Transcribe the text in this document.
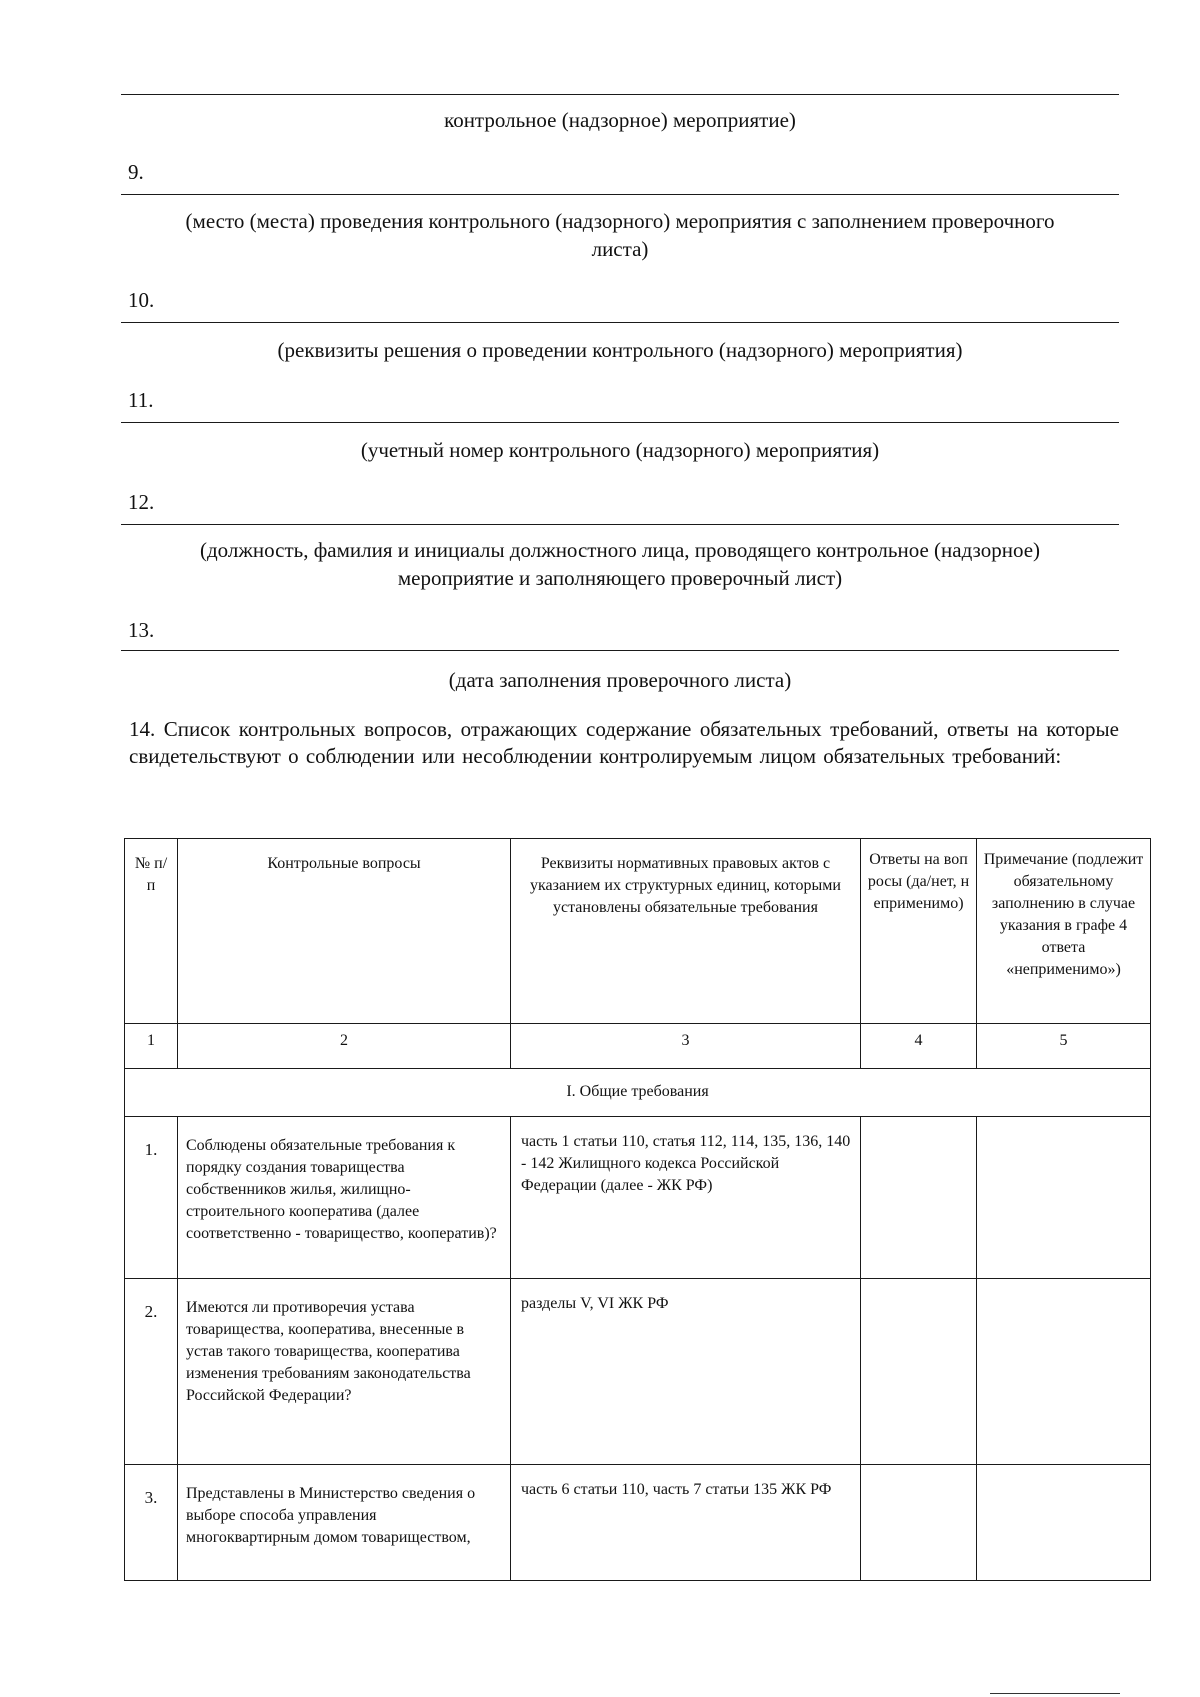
контрольное (надзорное) мероприятие)
9.
(место (места) проведения контрольного (надзорного) мероприятия с заполнением проверочного листа)
10.
(реквизиты решения о проведении контрольного (надзорного) мероприятия)
11.
(учетный номер контрольного (надзорного) мероприятия)
12.
(должность, фамилия и инициалы должностного лица, проводящего контрольное (надзорное) мероприятие и заполняющего проверочный лист)
13.
(дата заполнения проверочного листа)
14. Список контрольных вопросов, отражающих содержание обязательных требований, ответы на которые свидетельствуют о соблюдении или несоблюдении контролируемым лицом обязательных требований:
№ п/п	Контрольные вопросы	Реквизиты нормативных правовых актов с указанием их структурных единиц, которыми установлены обязательные требования	Ответы на вопросы (да/нет, неприменимо)	Примечание (подлежит обязательному заполнению в случае указания в графе 4 ответа «неприменимо»)
1	2	3	4	5
I. Общие требования				
1.	Соблюдены обязательные требования к порядку создания товарищества собственников жилья, жилищно-строительного кооператива (далее соответственно - товарищество, кооператив)?	часть 1 статьи 110, статья 112, 114, 135, 136, 140 - 142 Жилищного кодекса Российской Федерации (далее - ЖК РФ)		
2.	Имеются ли противоречия устава товарищества, кооператива, внесенные в устав такого товарищества, кооператива изменения требованиям законодательства Российской Федерации?	разделы V, VI ЖК РФ		
3.	Представлены в Министерство сведения о выборе способа управления многоквартирным домом товариществом,	часть 6 статьи 110, часть 7 статьи 135 ЖК РФ		
